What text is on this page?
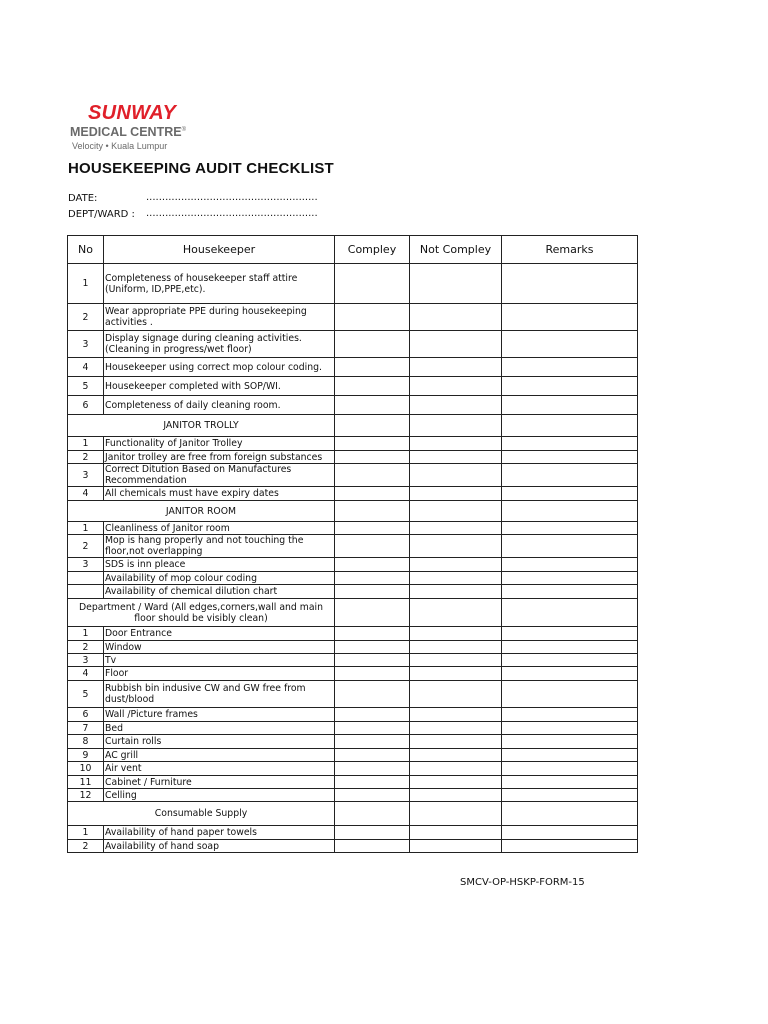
SUNWAY
MEDICAL CENTRE®
Velocity • Kuala Lumpur
HOUSEKEEPING AUDIT CHECKLIST
DATE:	......................................................
DEPT/WARD : ......................................................
No	Housekeeper	Compley	Not Compley	Remarks
1	Completeness of housekeeper staff attire (Uniform, ID,PPE,etc).			
2	Wear appropriate PPE during housekeeping activities .			
3	Display signage during cleaning activities. (Cleaning in progress/wet floor)			
4	Housekeeper using correct mop colour coding.			
5	Housekeeper completed with SOP/WI.			
6	Completeness of daily cleaning room.			
JANITOR TROLLY				
1	Functionality of Janitor Trolley			
2	Janitor trolley are free from foreign substances			
3	Correct Ditution Based on Manufactures Recommendation			
4	All chemicals must have expiry dates			
JANITOR ROOM				
1	Cleanliness of Janitor room			
2	Mop is hang properly and not touching the floor,not overlapping			
3	SDS is inn pleace			
	Availability of mop colour coding			
	Availability of chemical dilution chart			
Department / Ward (All edges,corners,wall and main floor should be visibly clean)				
1	Door Entrance			
2	Window			
3	Tv			
4	Floor			
5	Rubbish bin indusive CW and GW free from dust/blood			
6	Wall /Picture frames			
7	Bed			
8	Curtain rolls			
9	AC grill			
10	Air vent			
11	Cabinet / Furniture			
12	Celling			
Consumable Supply				
1	Availability of hand paper towels			
2	Availability of hand soap			
SMCV-OP-HSKP-FORM-15
